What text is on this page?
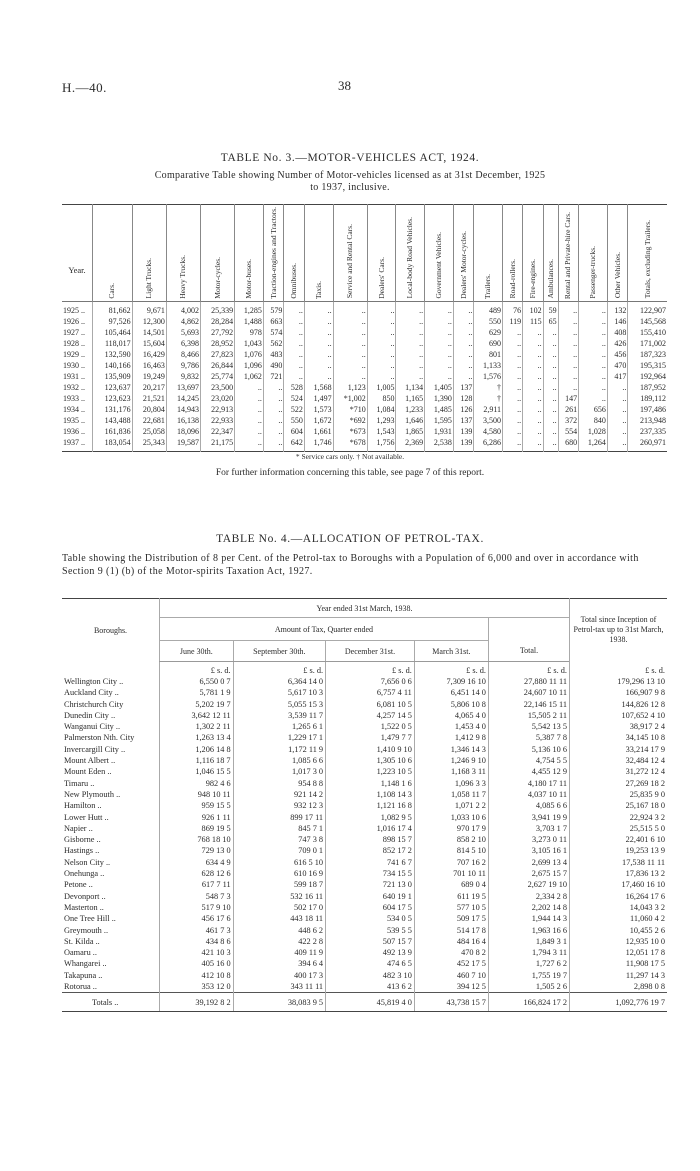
H.—40.	38
TABLE No. 3.—MOTOR-VEHICLES ACT, 1924.
Comparative Table showing Number of Motor-vehicles licensed as at 31st December, 1925
to 1937, inclusive.
Year.	Cars.	Light Trucks.	Heavy Trucks.	Motor-cycles.	Motor-buses.	Traction-engines and Tractors.	Omnibuses.	Taxis.	Service and Rental Cars.	Dealers' Cars.	Local-body Road Vehicles.	Government Vehicles.	Dealers' Motor-cycles.	Trailers.	Road-rollers.	Fire-engines.	Ambulances.	Rental and Private-hire Cars.	Passenger-trucks.	Other Vehicles.	Totals, excluding Trailers.

1925 ..	81,662	9,671	4,002	25,339	1,285	579	..	..	..	..	..	..	..	489	76	102	59	..	..	132	122,907
1926 ..	97,526	12,300	4,862	28,284	1,488	663	..	..	..	..	..	..	..	550	119	115	65	..	..	146	145,568
1927 ..	105,464	14,501	5,693	27,792	978	574	..	..	..	..	..	..	..	629	..	..	..	..	..	408	155,410
1928 ..	118,017	15,604	6,398	28,952	1,043	562	..	..	..	..	..	..	..	690	..	..	..	..	..	426	171,002
1929 ..	132,590	16,429	8,466	27,823	1,076	483	..	..	..	..	..	..	..	801	..	..	..	..	..	456	187,323
1930 ..	140,166	16,463	9,786	26,844	1,096	490	..	..	..	..	..	..	..	1,133	..	..	..	..	..	470	195,315
1931 ..	135,909	19,249	9,832	25,774	1,062	721	..	..	..	..	..	..	..	1,576	..	..	..	..	..	417	192,964
1932 ..	123,637	20,217	13,697	23,500	..	..	528	1,568	1,123	1,005	1,134	1,405	137	†	..	..	..	..	..	..	187,952
1933 ..	123,623	21,521	14,245	23,020	..	..	524	1,497	*1,002	850	1,165	1,390	128	†	..	..	..	147	..	..	189,112
1934 ..	131,176	20,804	14,943	22,913	..	..	522	1,573	*710	1,084	1,233	1,485	126	2,911	..	..	..	261	656	..	197,486
1935 ..	143,488	22,681	16,138	22,933	..	..	550	1,672	*692	1,293	1,646	1,595	137	3,500	..	..	..	372	840	..	213,948
1936 ..	161,836	25,058	18,096	22,347	..	..	604	1,661	*673	1,543	1,865	1,931	139	4,580	..	..	..	554	1,028	..	237,335
1937 ..	183,054	25,343	19,587	21,175	..	..	642	1,746	*678	1,756	2,369	2,538	139	6,286	..	..	..	680	1,264	..	260,971
* Service cars only. † Not available.
For further information concerning this table, see page 7 of this report.
TABLE No. 4.—ALLOCATION OF PETROL-TAX.
Table showing the Distribution of 8 per Cent. of the Petrol-tax to Boroughs with a Population of 6,000 and over in accordance with Section 9 (1) (b) of the Motor-spirits Taxation Act, 1927.
Boroughs.	Year ended 31st March, 1938.					Total since Inception of Petrol-tax up to 31st March, 1938.
	Amount of Tax, Quarter ended					
	June 30th.	September 30th.	December 31st.	March 31st.	Total.	
	£ s. d.	£ s. d.	£ s. d.	£ s. d.	£ s. d.	£ s. d.
Wellington City ..	6,550 0 7	6,364 14 0	7,656 0 6	7,309 16 10	27,880 11 11	179,296 13 10
Auckland City ..	5,781 1 9	5,617 10 3	6,757 4 11	6,451 14 0	24,607 10 11	166,907 9 8
Christchurch City	5,202 19 7	5,055 15 3	6,081 10 5	5,806 10 8	22,146 15 11	144,826 12 8
Dunedin City ..	3,642 12 11	3,539 11 7	4,257 14 5	4,065 4 0	15,505 2 11	107,652 4 10
Wanganui City ..	1,302 2 11	1,265 6 1	1,522 0 5	1,453 4 0	5,542 13 5	38,917 2 4
Palmerston Nth. City	1,263 13 4	1,229 17 1	1,479 7 7	1,412 9 8	5,387 7 8	34,145 10 8
Invercargill City ..	1,206 14 8	1,172 11 9	1,410 9 10	1,346 14 3	5,136 10 6	33,214 17 9
Mount Albert ..	1,116 18 7	1,085 6 6	1,305 10 6	1,246 9 10	4,754 5 5	32,484 12 4
Mount Eden ..	1,046 15 5	1,017 3 0	1,223 10 5	1,168 3 11	4,455 12 9	31,272 12 4
Timaru ..	982 4 6	954 8 8	1,148 1 6	1,096 3 3	4,180 17 11	27,269 18 2
New Plymouth ..	948 10 11	921 14 2	1,108 14 3	1,058 11 7	4,037 10 11	25,835 9 0
Hamilton ..	959 15 5	932 12 3	1,121 16 8	1,071 2 2	4,085 6 6	25,167 18 0
Lower Hutt ..	926 1 11	899 17 11	1,082 9 5	1,033 10 6	3,941 19 9	22,924 3 2
Napier ..	869 19 5	845 7 1	1,016 17 4	970 17 9	3,703 1 7	25,515 5 0
Gisborne ..	768 18 10	747 3 8	898 15 7	858 2 10	3,273 0 11	22,401 6 10
Hastings ..	729 13 0	709 0 1	852 17 2	814 5 10	3,105 16 1	19,253 13 9
Nelson City ..	634 4 9	616 5 10	741 6 7	707 16 2	2,699 13 4	17,538 11 11
Onehunga ..	628 12 6	610 16 9	734 15 5	701 10 11	2,675 15 7	17,836 13 2
Petone ..	617 7 11	599 18 7	721 13 0	689 0 4	2,627 19 10	17,460 16 10
Devonport ..	548 7 3	532 16 11	640 19 1	611 19 5	2,334 2 8	16,264 17 6
Masterton ..	517 9 10	502 17 0	604 17 5	577 10 5	2,202 14 8	14,043 3 2
One Tree Hill ..	456 17 6	443 18 11	534 0 5	509 17 5	1,944 14 3	11,060 4 2
Greymouth ..	461 7 3	448 6 2	539 5 5	514 17 8	1,963 16 6	10,455 2 6
St. Kilda ..	434 8 6	422 2 8	507 15 7	484 16 4	1,849 3 1	12,935 10 0
Oamaru ..	421 10 3	409 11 9	492 13 9	470 8 2	1,794 3 11	12,051 17 8
Whangarei ..	405 16 0	394 6 4	474 6 5	452 17 5	1,727 6 2	11,908 17 5
Takapuna ..	412 10 8	400 17 3	482 3 10	460 7 10	1,755 19 7	11,297 14 3
Rotorua ..	353 12 0	343 11 11	413 6 2	394 12 5	1,505 2 6	2,898 0 8
Totals ..	39,192 8 2	38,083 9 5	45,819 4 0	43,738 15 7	166,824 17 2	1,092,776 19 7
